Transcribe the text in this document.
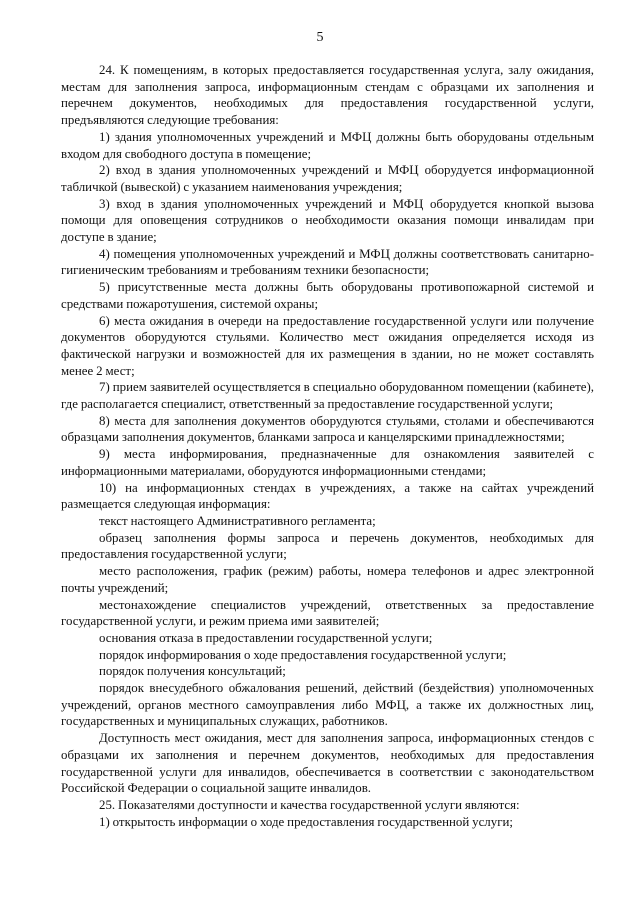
5

24. К помещениям, в которых предоставляется государственная услуга, залу ожидания, местам для заполнения запроса, информационным стендам с образцами их заполнения и перечнем документов, необходимых для предоставления государственной услуги, предъявляются следующие требования:

1) здания уполномоченных учреждений и МФЦ должны быть оборудованы отдельным входом для свободного доступа в помещение;

2) вход в здания уполномоченных учреждений и МФЦ оборудуется информационной табличкой (вывеской) с указанием наименования учреждения;

3) вход в здания уполномоченных учреждений и МФЦ оборудуется кнопкой вызова помощи для оповещения сотрудников о необходимости оказания помощи инвалидам при доступе в здание;

4) помещения уполномоченных учреждений и МФЦ должны соответствовать санитарно-гигиеническим требованиям и требованиям техники безопасности;

5) присутственные места должны быть оборудованы противопожарной системой и средствами пожаротушения, системой охраны;

6) места ожидания в очереди на предоставление государственной услуги или получение документов оборудуются стульями. Количество мест ожидания определяется исходя из фактической нагрузки и возможностей для их размещения в здании, но не может составлять менее 2 мест;

7) прием заявителей осуществляется в специально оборудованном помещении (кабинете), где располагается специалист, ответственный за предоставление государственной услуги;

8) места для заполнения документов оборудуются стульями, столами и обеспечиваются образцами заполнения документов, бланками запроса и канцелярскими принадлежностями;

9) места информирования, предназначенные для ознакомления заявителей с информационными материалами, оборудуются информационными стендами;

10) на информационных стендах в учреждениях, а также на сайтах учреждений размещается следующая информация:

текст настоящего Административного регламента;

образец заполнения формы запроса и перечень документов, необходимых для предоставления государственной услуги;

место расположения, график (режим) работы, номера телефонов и адрес электронной почты учреждений;

местонахождение специалистов учреждений, ответственных за предоставление государственной услуги, и режим приема ими заявителей;

основания отказа в предоставлении государственной услуги;

порядок информирования о ходе предоставления государственной услуги;

порядок получения консультаций;

порядок внесудебного обжалования решений, действий (бездействия) уполномоченных учреждений, органов местного самоуправления либо МФЦ, а также их должностных лиц, государственных и муниципальных служащих, работников.

Доступность мест ожидания, мест для заполнения запроса, информационных стендов с образцами их заполнения и перечнем документов, необходимых для предоставления государственной услуги для инвалидов, обеспечивается в соответствии с законодательством Российской Федерации о социальной защите инвалидов.

25. Показателями доступности и качества государственной услуги являются:

1) открытость информации о ходе предоставления государственной услуги;
